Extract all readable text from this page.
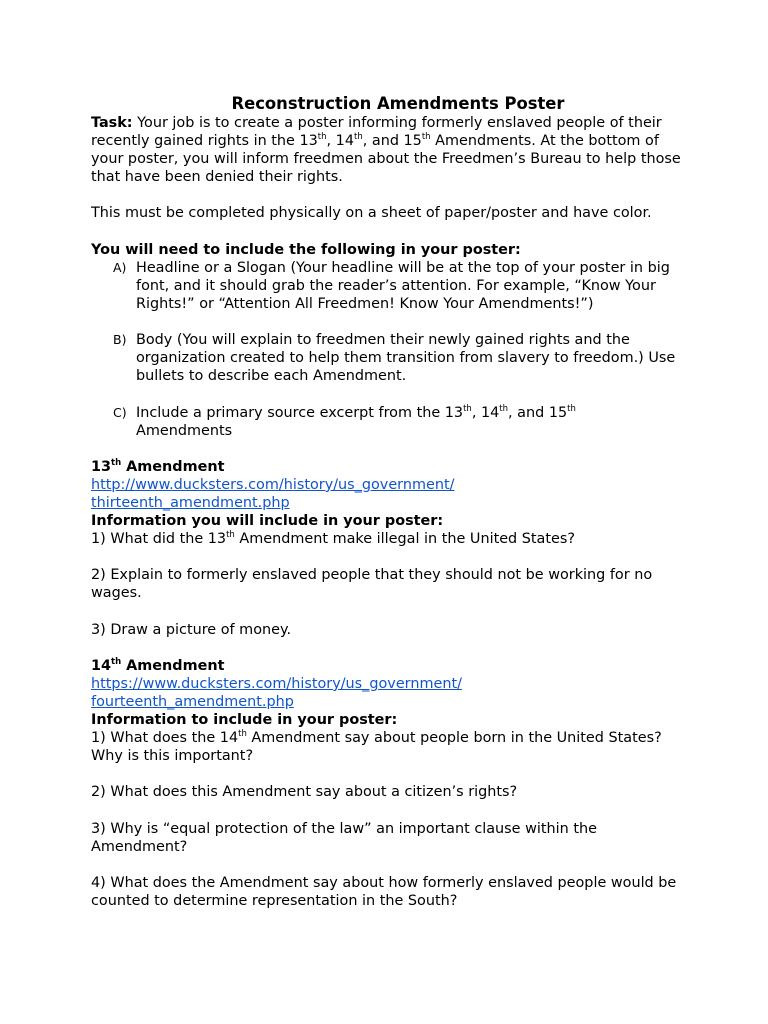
Reconstruction Amendments Poster

Task: Your job is to create a poster informing formerly enslaved people of their recently gained rights in the 13th, 14th, and 15th Amendments. At the bottom of your poster, you will inform freedmen about the Freedmen’s Bureau to help those that have been denied their rights.

This must be completed physically on a sheet of paper/poster and have color.

You will need to include the following in your poster:

A) Headline or a Slogan (Your headline will be at the top of your poster in big font, and it should grab the reader’s attention. For example, “Know Your Rights!” or “Attention All Freedmen! Know Your Amendments!”)
B) Body (You will explain to freedmen their newly gained rights and the organization created to help them transition from slavery to freedom.) Use bullets to describe each Amendment.
C) Include a primary source excerpt from the 13th, 14th, and 15th
Amendments

13th Amendment

http://www.ducksters.com/history/us_government/
thirteenth_amendment.php

Information you will include in your poster:

1) What did the 13th Amendment make illegal in the United States?

2) Explain to formerly enslaved people that they should not be working for no wages.

3) Draw a picture of money.

14th Amendment

https://www.ducksters.com/history/us_government/
fourteenth_amendment.php

Information to include in your poster:

1) What does the 14th Amendment say about people born in the United States? Why is this important?

2) What does this Amendment say about a citizen’s rights?

3) Why is “equal protection of the law” an important clause within the Amendment?

4) What does the Amendment say about how formerly enslaved people would be counted to determine representation in the South?
